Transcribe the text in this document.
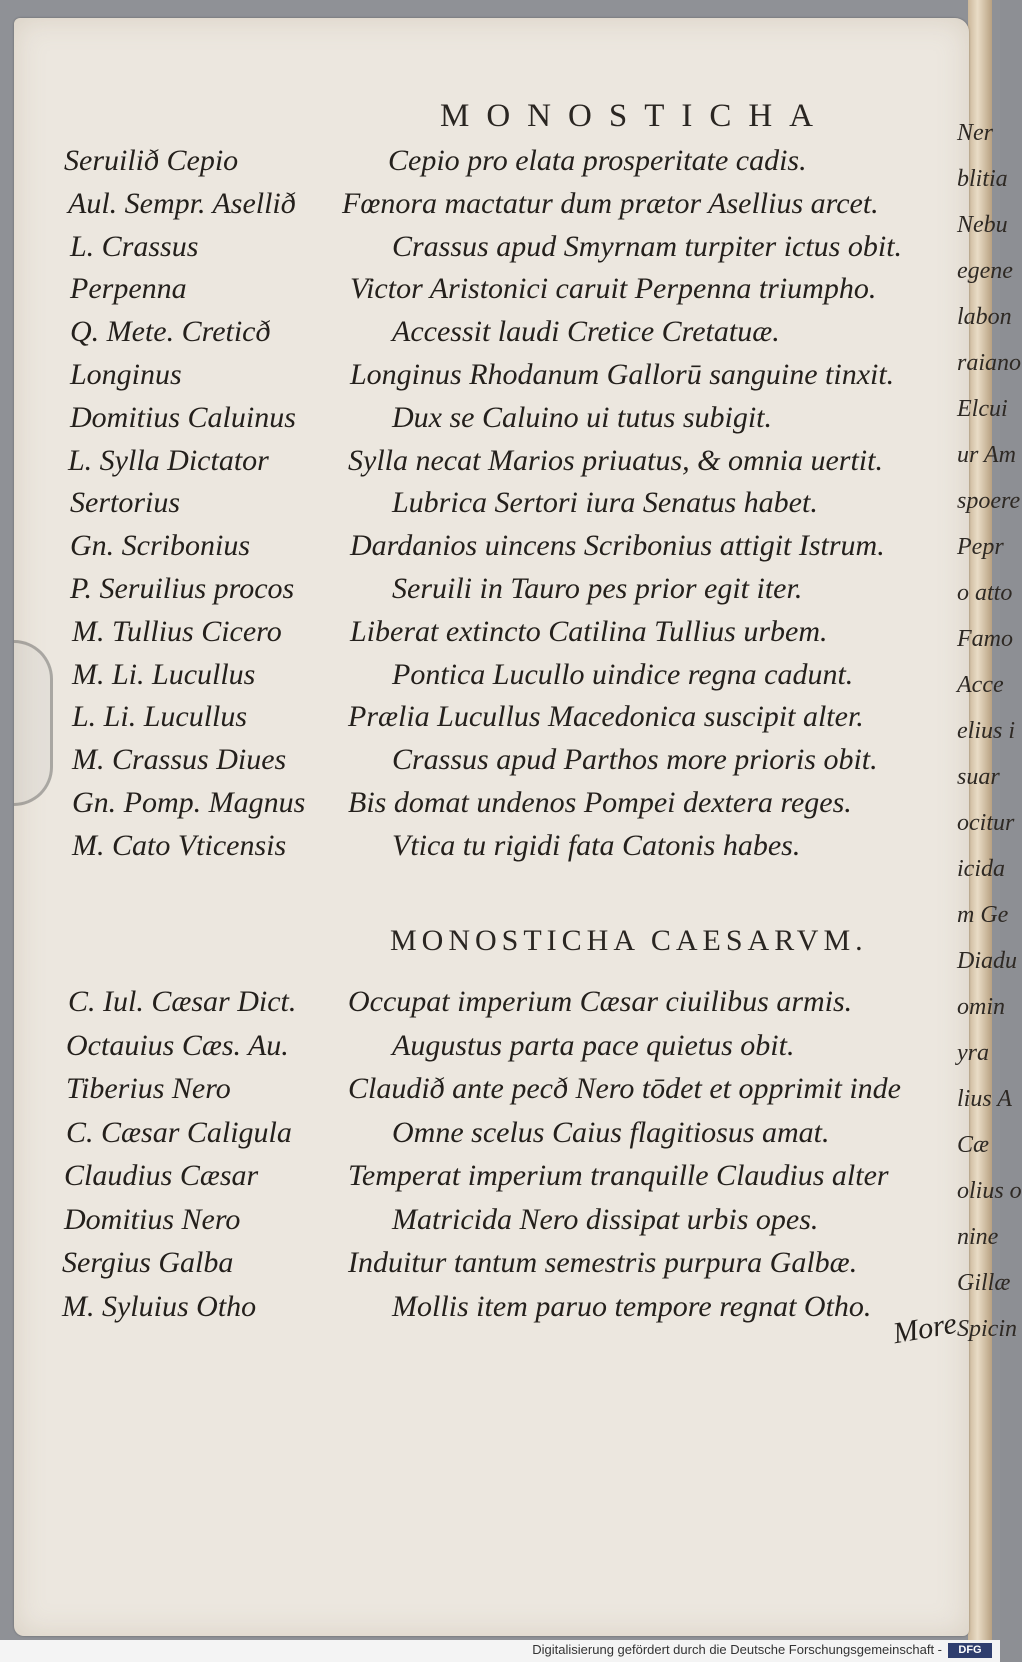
MONOSTICHA
Seruilið Cepio	Cepio pro elata prosperitate cadis.
Aul. Sempr. Asellið Fœnora mactatur dum prætor Asellius arcet.
L. Crassus	Crassus apud Smyrnam turpiter ictus obit.
Perpenna	Victor Aristonici caruit Perpenna triumpho.
Q. Mete. Creticð	Accessit laudi Cretice Cretatuæ.
Longinus	Longinus Rhodanum Gallorū sanguine tinxit.
Domitius Caluinus	Dux se Caluino ui tutus subigit.
L. Sylla Dictator	Sylla necat Marios priuatus, & omnia uertit.
Sertorius	Lubrica Sertori iura Senatus habet.
Gn. Scribonius	Dardanios uincens Scribonius attigit Istrum.
P. Seruilius procos	Seruili in Tauro pes prior egit iter.
M. Tullius Cicero Liberat extincto Catilina Tullius urbem.
M. Li. Lucullus	Pontica Lucullo uindice regna cadunt.
L. Li. Lucullus	Prælia Lucullus Macedonica suscipit alter.
M. Crassus Diues	Crassus apud Parthos more prioris obit.
Gn. Pomp. Magnus Bis domat undenos Pompei dextera reges.
M. Cato Vticensis	Vtica tu rigidi fata Catonis habes.
MONOSTICHA CAESARVM.
C. Iul. Cæsar Dict. Occupat imperium Cæsar ciuilibus armis.
Octauius Cæs. Au.	Augustus parta pace quietus obit.
Tiberius Nero	Claudið ante pecð Nero tōdet et opprimit inde
C. Cæsar Caligula	Omne scelus Caius flagitiosus amat.
Claudius Cæsar	Temperat imperium tranquille Claudius alter
Domitius Nero	Matricida Nero dissipat urbis opes.
Sergius Galba	Induitur tantum semestris purpura Galbæ.
M. Syluius Otho	Mollis item paruo tempore regnat Otho.
More
Ner
blitia
Nebu
egene
labon
raiano
Elcui
ur Am
spoere
Pepr
o atto
Famo
Acce
elius i
suar
ocitur
icida
m Ge
Diadu
omin
yra
lius A
Cæ
olius o
nine
Gillæ
Spicin
Digitalisierung gefördert durch die Deutsche Forschungsgemeinschaft -	DFG
